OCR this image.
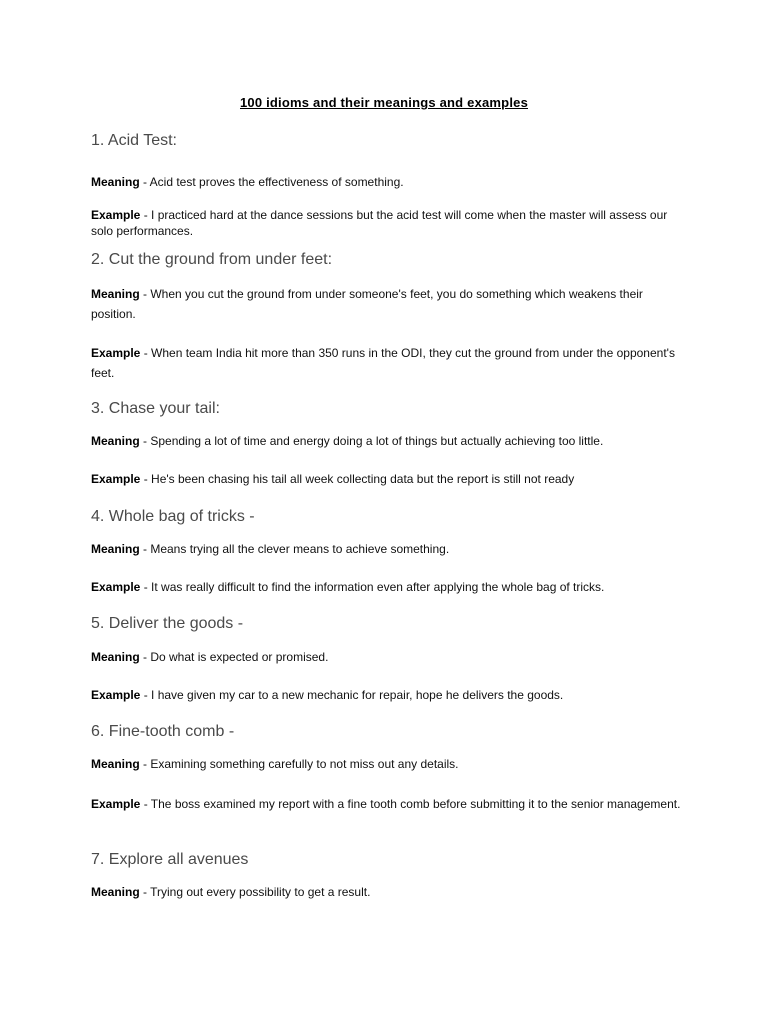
100 idioms and their meanings and examples
1. Acid Test:
Meaning - Acid test proves the effectiveness of something.
Example - I practiced hard at the dance sessions but the acid test will come when the master will assess our solo performances.
2. Cut the ground from under feet:
Meaning - When you cut the ground from under someone's feet, you do something which weakens their position.
Example - When team India hit more than 350 runs in the ODI, they cut the ground from under the opponent's feet.
3. Chase your tail:
Meaning - Spending a lot of time and energy doing a lot of things but actually achieving too little.
Example - He's been chasing his tail all week collecting data but the report is still not ready
4. Whole bag of tricks -
Meaning - Means trying all the clever means to achieve something.
Example - It was really difficult to find the information even after applying the whole bag of tricks.
5. Deliver the goods -
Meaning - Do what is expected or promised.
Example - I have given my car to a new mechanic for repair, hope he delivers the goods.
6. Fine-tooth comb -
Meaning - Examining something carefully to not miss out any details.
Example - The boss examined my report with a fine tooth comb before submitting it to the senior management.
7. Explore all avenues
Meaning - Trying out every possibility to get a result.
